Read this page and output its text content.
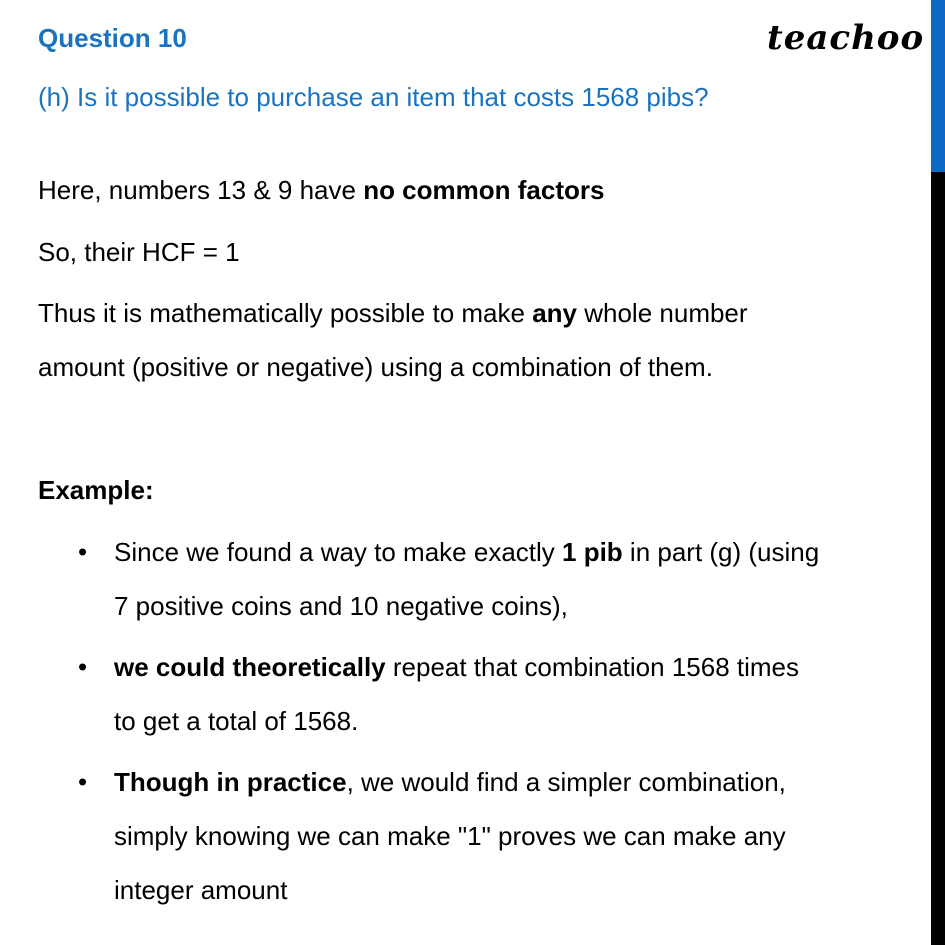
Question 10	teachoo
(h) Is it possible to purchase an item that costs 1568 pibs?
Here, numbers 13 & 9 have no common factors
So, their HCF = 1
Thus it is mathematically possible to make any whole number
amount (positive or negative) using a combination of them.
Example:
• Since we found a way to make exactly 1 pib in part (g) (using
7 positive coins and 10 negative coins),
• we could theoretically repeat that combination 1568 times
to get a total of 1568.
• Though in practice, we would find a simpler combination,
simply knowing we can make "1" proves we can make any
integer amount
